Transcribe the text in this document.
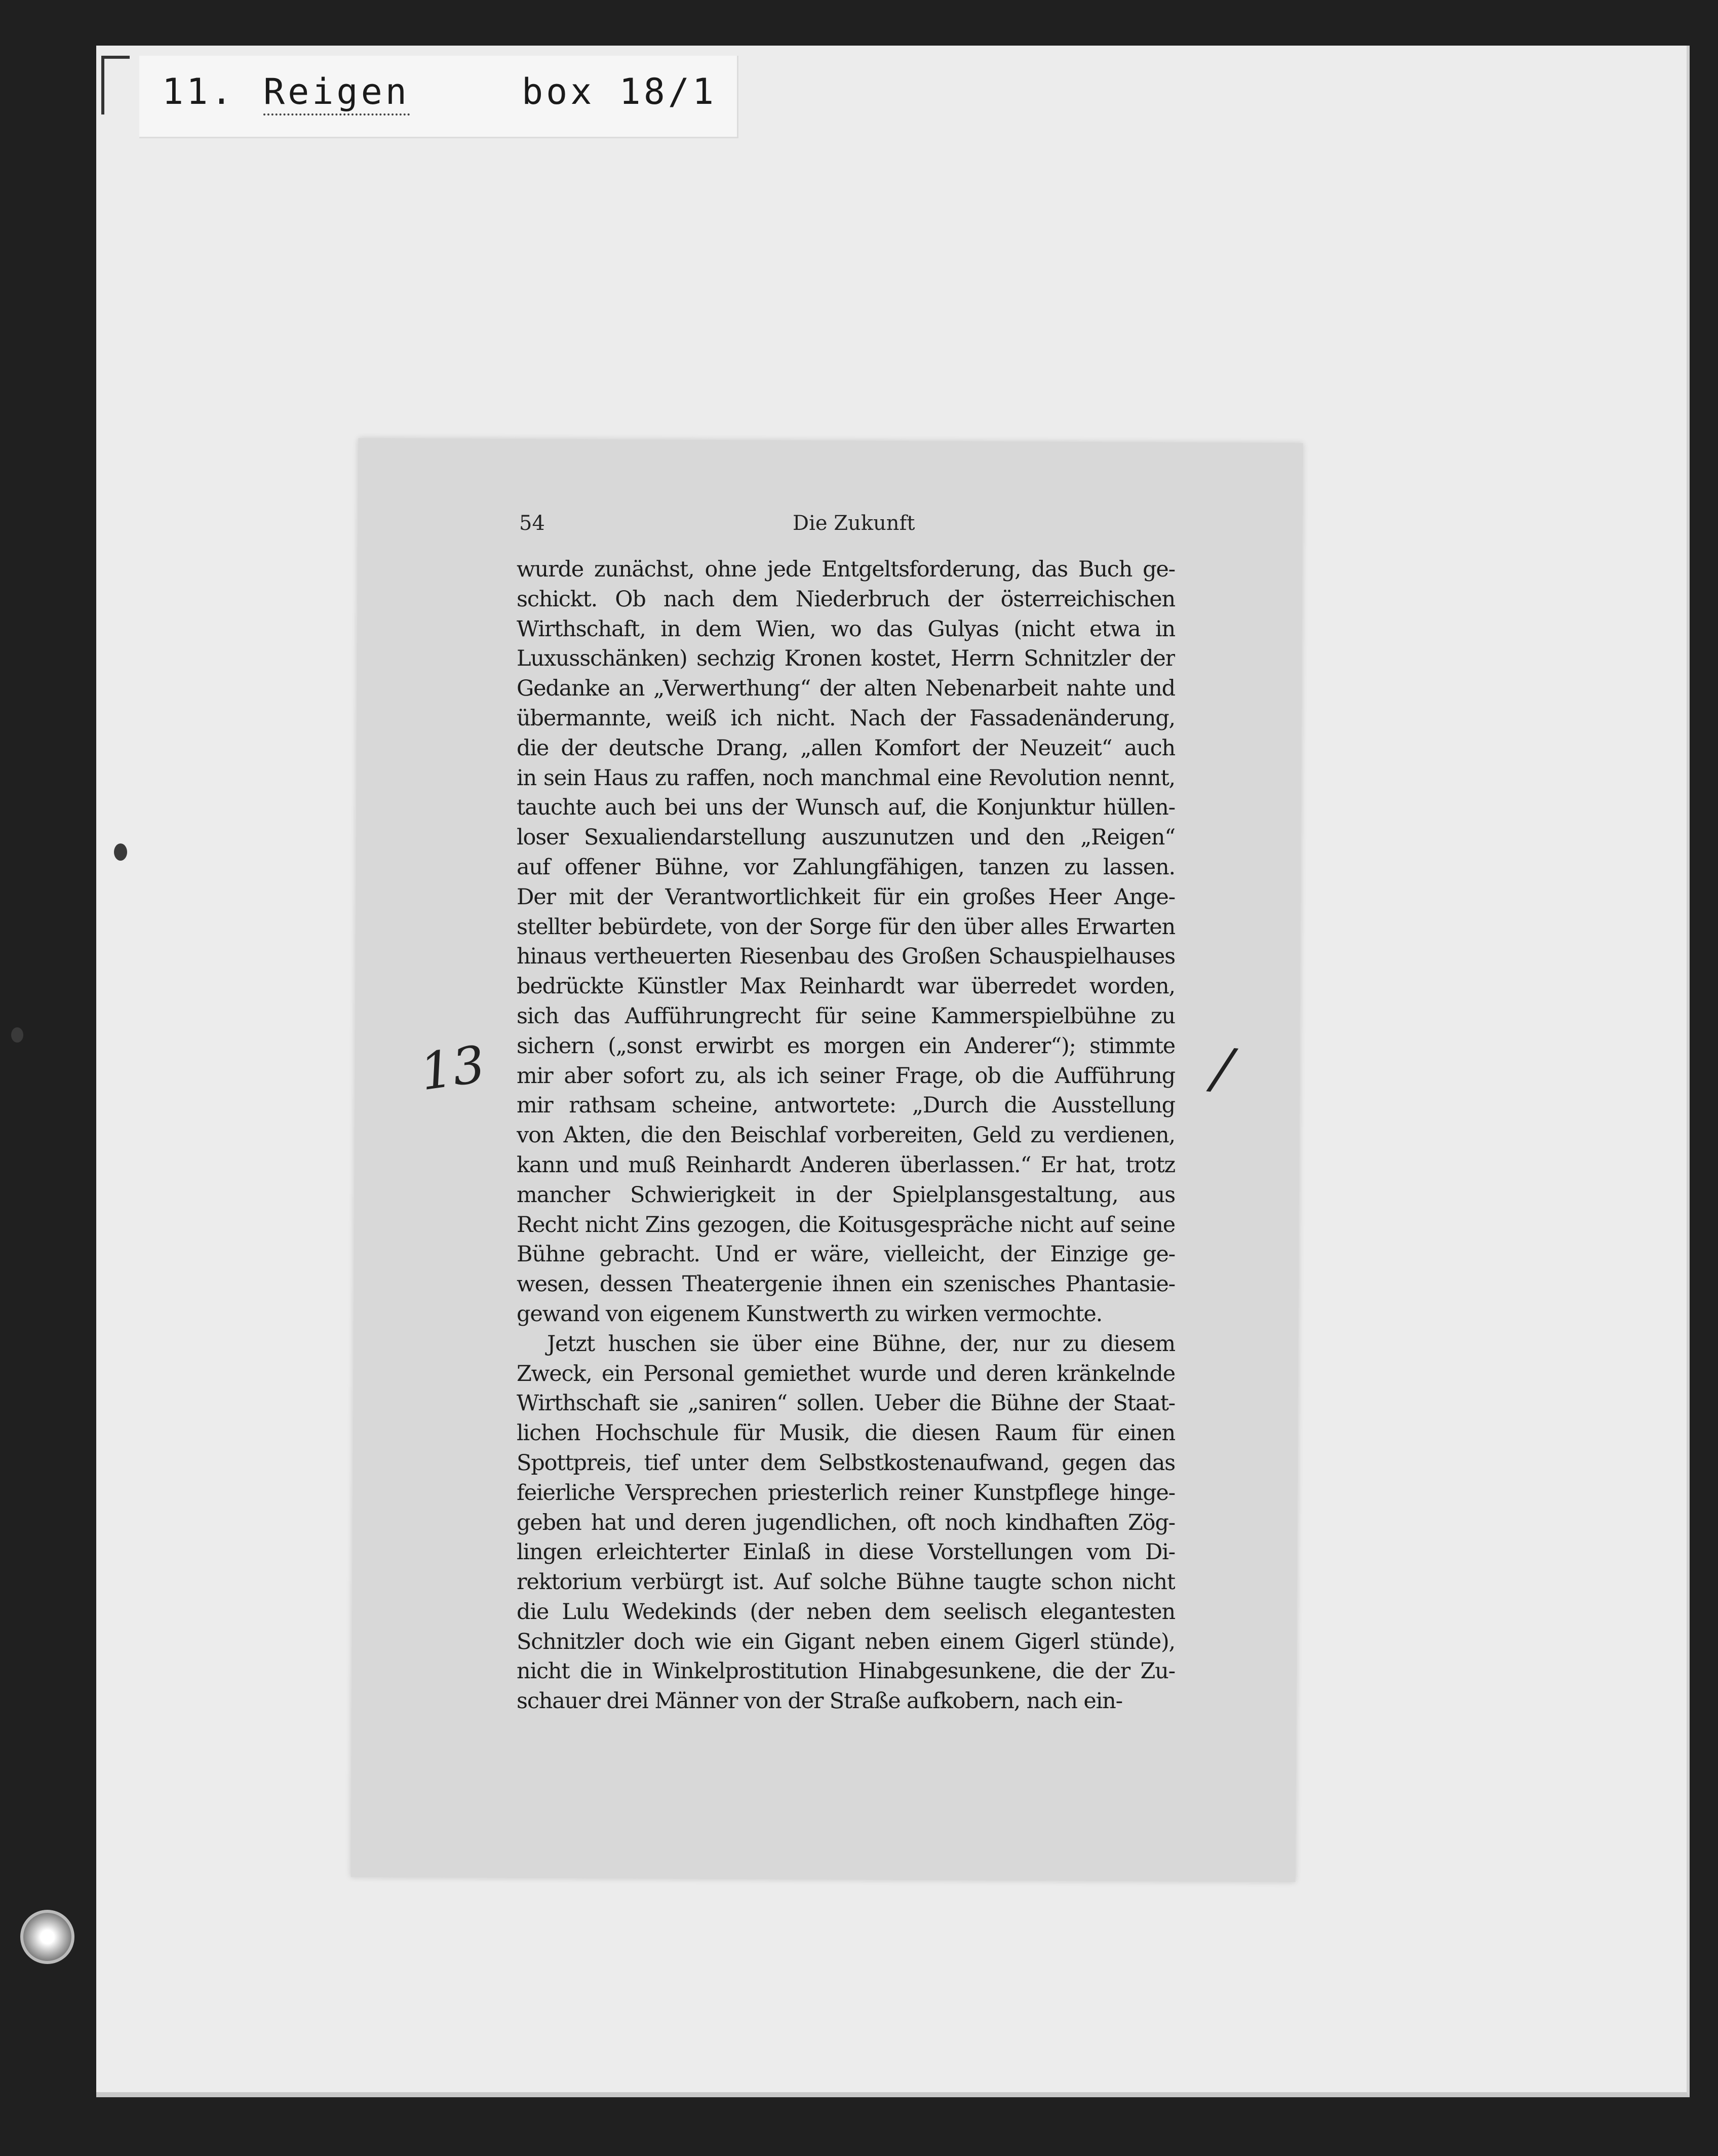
11. Reigen	box 18/1
54	Die Zukunft
wurde zunächst, ohne jede Entgeltsforderung, das Buch ge-
schickt. Ob nach dem Niederbruch der österreichischen
Wirthschaft, in dem Wien, wo das Gulyas (nicht etwa in
Luxusschänken) sechzig Kronen kostet, Herrn Schnitzler der
Gedanke an „Verwerthung“ der alten Nebenarbeit nahte und
übermannte, weiß ich nicht. Nach der Fassadenänderung,
die der deutsche Drang, „allen Komfort der Neuzeit“ auch
in sein Haus zu raffen, noch manchmal eine Revolution nennt,
tauchte auch bei uns der Wunsch auf, die Konjunktur hüllen-
loser Sexualiendarstellung auszunutzen und den „Reigen“
auf offener Bühne, vor Zahlungfähigen, tanzen zu lassen.
Der mit der Verantwortlichkeit für ein großes Heer Ange-
stellter bebürdete, von der Sorge für den über alles Erwarten
hinaus vertheuerten Riesenbau des Großen Schauspielhauses
bedrückte Künstler Max Reinhardt war überredet worden,
sich das Aufführungrecht für seine Kammerspielbühne zu
sichern („sonst erwirbt es morgen ein Anderer“); stimmte
mir aber sofort zu, als ich seiner Frage, ob die Aufführung
mir rathsam scheine, antwortete: „Durch die Ausstellung
von Akten, die den Beischlaf vorbereiten, Geld zu verdienen,
kann und muß Reinhardt Anderen überlassen.“ Er hat, trotz
mancher Schwierigkeit in der Spielplansgestaltung, aus
Recht nicht Zins gezogen, die Koitusgespräche nicht auf seine
Bühne gebracht. Und er wäre, vielleicht, der Einzige ge-
wesen, dessen Theatergenie ihnen ein szenisches Phantasie-
gewand von eigenem Kunstwerth zu wirken vermochte.
Jetzt huschen sie über eine Bühne, der, nur zu diesem
Zweck, ein Personal gemiethet wurde und deren kränkelnde
Wirthschaft sie „saniren“ sollen. Ueber die Bühne der Staat-
lichen Hochschule für Musik, die diesen Raum für einen
Spottpreis, tief unter dem Selbstkostenaufwand, gegen das
feierliche Versprechen priesterlich reiner Kunstpflege hinge-
geben hat und deren jugendlichen, oft noch kindhaften Zög-
lingen erleichterter Einlaß in diese Vorstellungen vom Di-
rektorium verbürgt ist. Auf solche Bühne taugte schon nicht
die Lulu Wedekinds (der neben dem seelisch elegantesten
Schnitzler doch wie ein Gigant neben einem Gigerl stünde),
nicht die in Winkelprostitution Hinabgesunkene, die der Zu-
schauer drei Männer von der Straße aufkobern, nach ein-
13	/
